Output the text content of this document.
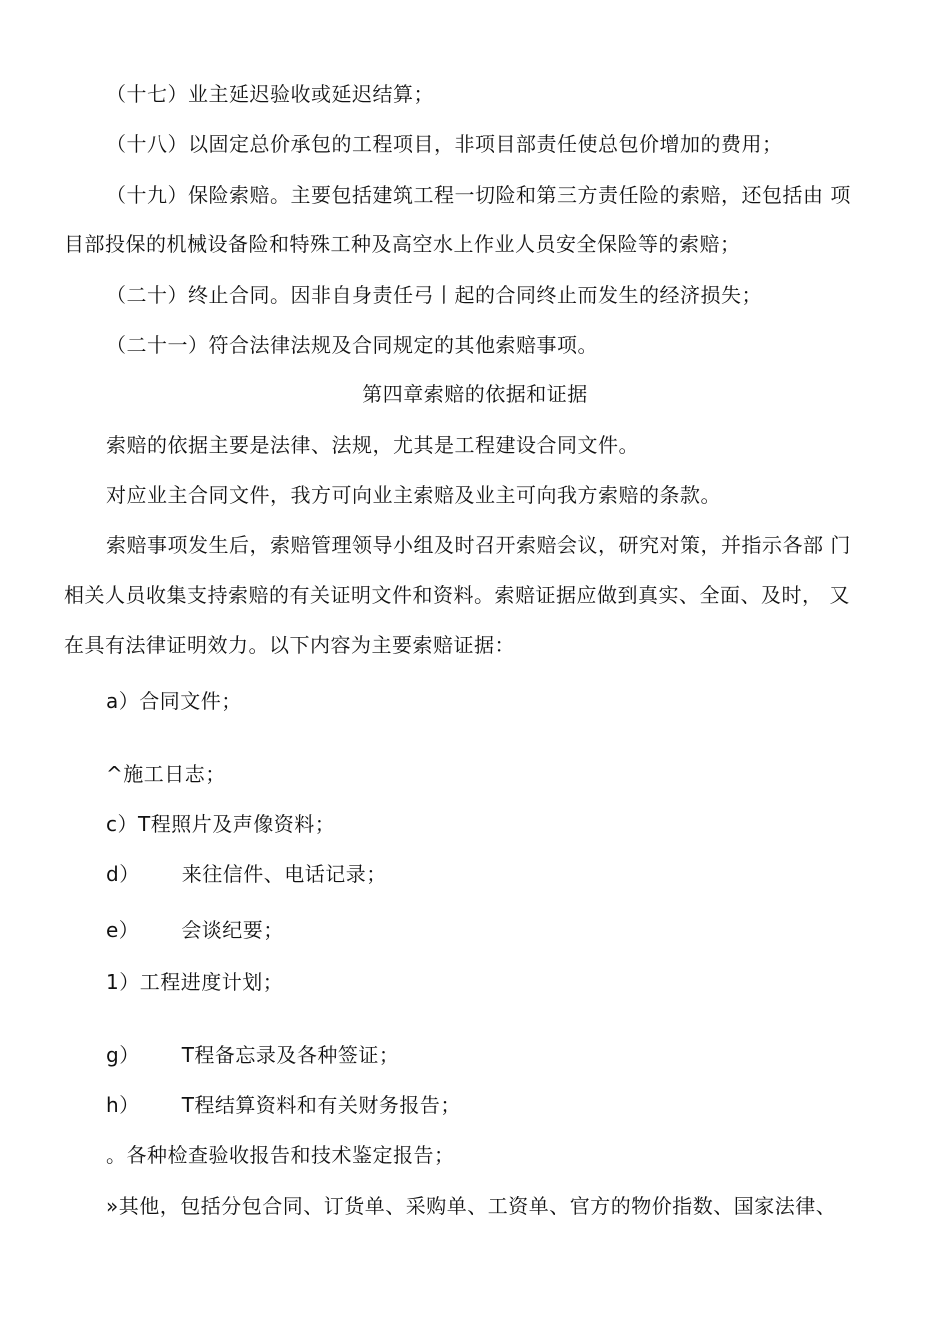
（十七）业主延迟验收或延迟结算；
（十八）以固定总价承包的工程项目，非项目部责任使总包价增加的费用；
（十九）保险索赔。主要包括建筑工程一切险和第三方责任险的索赔，还包括由 项
目部投保的机械设备险和特殊工种及高空水上作业人员安全保险等的索赔；
（二十）终止合同。因非自身责任弓丨起的合同终止而发生的经济损失；
（二十一）符合法律法规及合同规定的其他索赔事项。
第四章索赔的依据和证据
索赔的依据主要是法律、法规，尤其是工程建设合同文件。
对应业主合同文件，我方可向业主索赔及业主可向我方索赔的条款。
索赔事项发生后，索赔管理领导小组及时召开索赔会议，研究对策，并指示各部 门
相关人员收集支持索赔的有关证明文件和资料。索赔证据应做到真实、全面、及时， 又
在具有法律证明效力。以下内容为主要索赔证据：
a）合同文件；
^施工日志；
c）T程照片及声像资料；
d） 来往信件、电话记录；
e） 会谈纪要；
1）工程进度计划；
g） T程备忘录及各种签证；
h） T程结算资料和有关财务报告；
。各种检查验收报告和技术鉴定报告；
»其他，包括分包合同、订货单、采购单、工资单、官方的物价指数、国家法律、
